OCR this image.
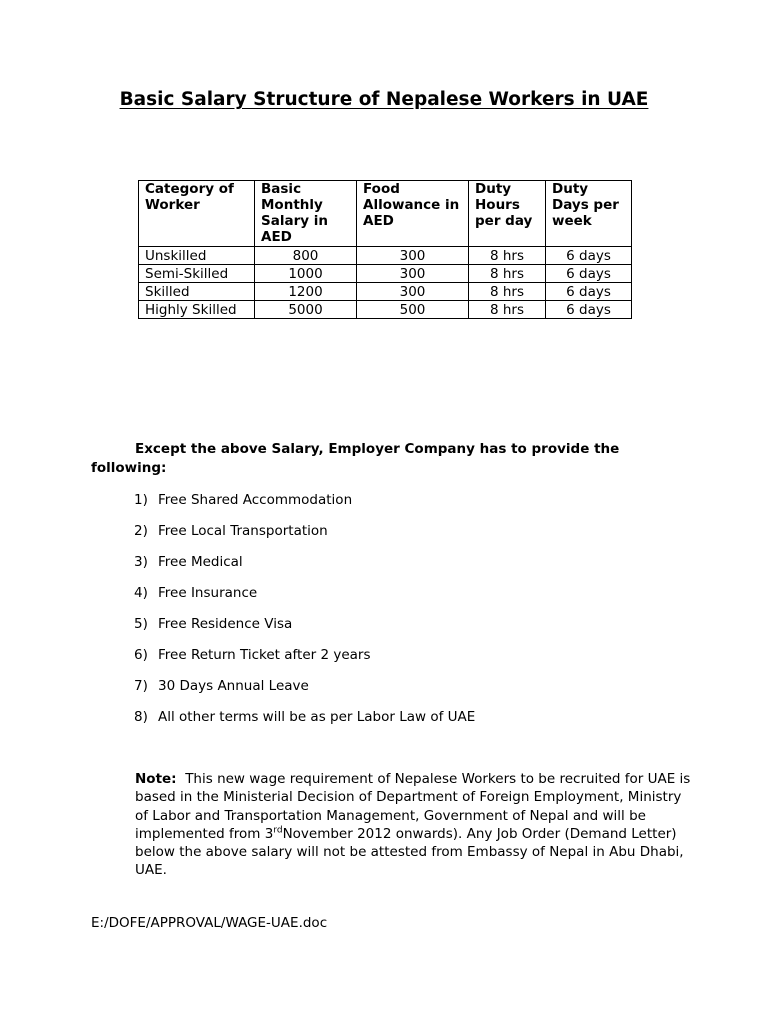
Basic Salary Structure of Nepalese Workers in UAE
Category of Worker	Basic Monthly Salary in AED	Food Allowance in AED	Duty Hours per day	Duty Days per week
Unskilled	800	300	8 hrs	6 days
Semi-Skilled	1000	300	8 hrs	6 days
Skilled	1200	300	8 hrs	6 days
Highly Skilled	5000	500	8 hrs	6 days
Except the above Salary, Employer Company has to provide the following:
1) Free Shared Accommodation
2) Free Local Transportation
3) Free Medical
4) Free Insurance
5) Free Residence Visa
6) Free Return Ticket after 2 years
7) 30 Days Annual Leave
8) All other terms will be as per Labor Law of UAE
Note: This new wage requirement of Nepalese Workers to be recruited for UAE is based in the Ministerial Decision of Department of Foreign Employment, Ministry of Labor and Transportation Management, Government of Nepal and will be implemented from 3rdNovember 2012 onwards). Any Job Order (Demand Letter) below the above salary will not be attested from Embassy of Nepal in Abu Dhabi, UAE.
E:/DOFE/APPROVAL/WAGE-UAE.doc
